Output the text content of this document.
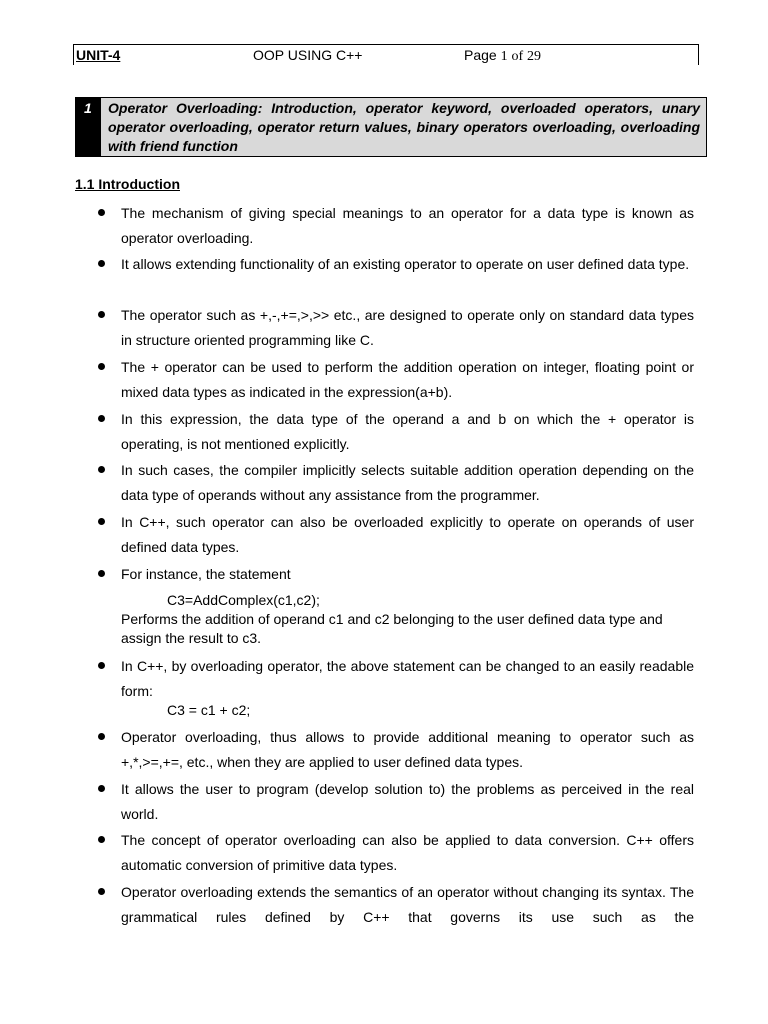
UNIT-4	OOP USING C++	Page 1 of 29
1	Operator Overloading: Introduction, operator keyword, overloaded operators, unary operator overloading, operator return values, binary operators overloading, overloading with friend function
1.1 Introduction
The mechanism of giving special meanings to an operator for a data type is known as operator overloading.
It allows extending functionality of an existing operator to operate on user defined data type.
The operator such as +,-,+=,>,>> etc., are designed to operate only on standard data types in structure oriented programming like C.
The + operator can be used to perform the addition operation on integer, floating point or mixed data types as indicated in the expression(a+b).
In this expression, the data type of the operand a and b on which the + operator is operating, is not mentioned explicitly.
In such cases, the compiler implicitly selects suitable addition operation depending on the data type of operands without any assistance from the programmer.
In C++, such operator can also be overloaded explicitly to operate on operands of user defined data types.
For instance, the statement
C3=AddComplex(c1,c2);
Performs the addition of operand c1 and c2 belonging to the user defined data type and assign the result to c3.
In C++, by overloading operator, the above statement can be changed to an easily readable form:
C3 = c1 + c2;
Operator overloading, thus allows to provide additional meaning to operator such as +,*,>=,+=, etc., when they are applied to user defined data types.
It allows the user to program (develop solution to) the problems as perceived in the real world.
The concept of operator overloading can also be applied to data conversion. C++ offers automatic conversion of primitive data types.
Operator overloading extends the semantics of an operator without changing its syntax. The grammatical rules defined by C++ that governs its use such as the
